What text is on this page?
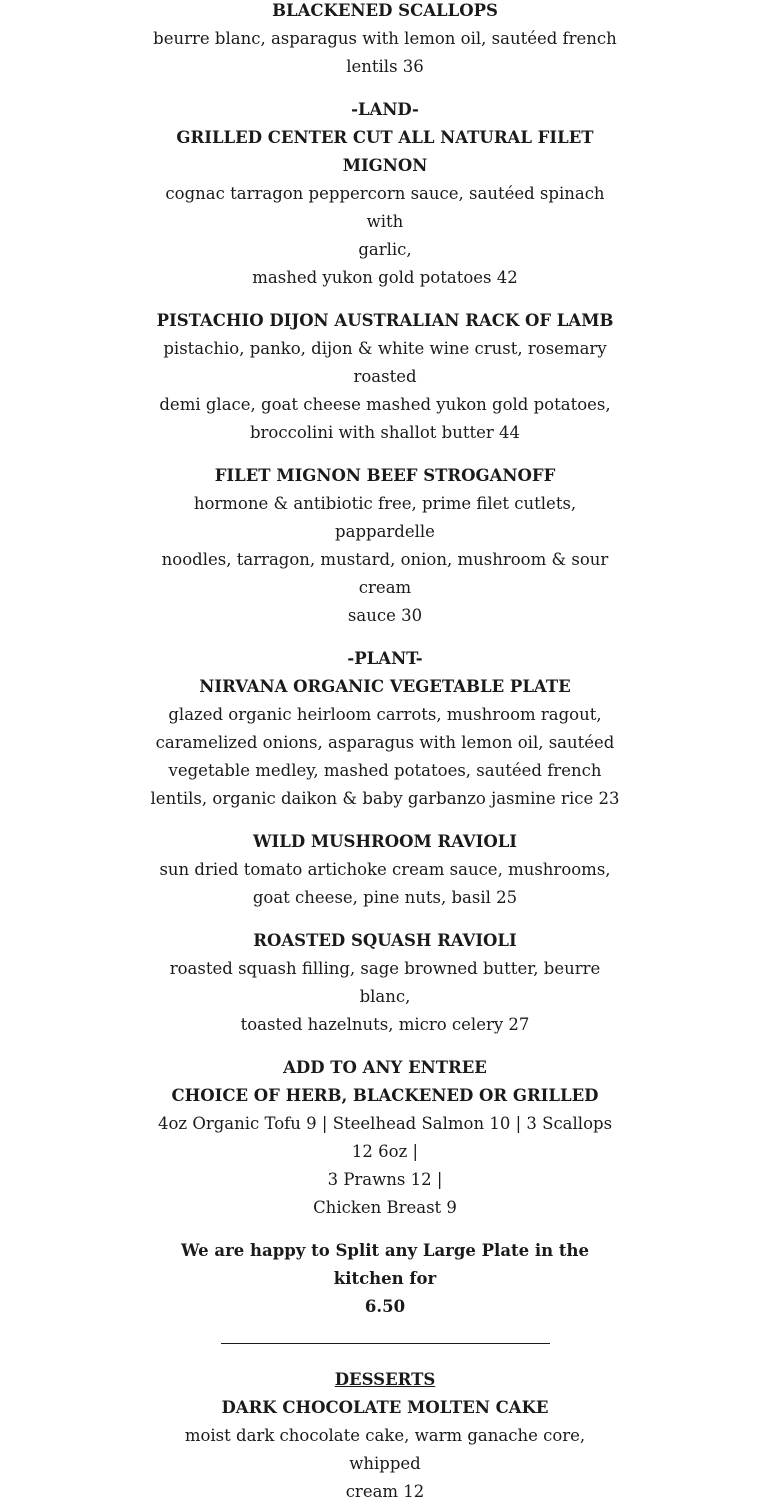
BLACKENED SCALLOPS

beurre blanc, asparagus with lemon oil, sautéed french

lentils 36

-LAND-

GRILLED CENTER CUT ALL NATURAL FILET MIGNON

cognac tarragon peppercorn sauce, sautéed spinach with

garlic,

mashed yukon gold potatoes 42

PISTACHIO DIJON AUSTRALIAN RACK OF LAMB

pistachio, panko, dijon & white wine crust, rosemary roasted

demi glace, goat cheese mashed yukon gold potatoes,

broccolini with shallot butter 44

FILET MIGNON BEEF STROGANOFF

hormone & antibiotic free, prime filet cutlets, pappardelle

noodles, tarragon, mustard, onion, mushroom & sour cream

sauce 30

-PLANT-

NIRVANA ORGANIC VEGETABLE PLATE

glazed organic heirloom carrots, mushroom ragout,

caramelized onions, asparagus with lemon oil, sautéed

vegetable medley, mashed potatoes, sautéed french

lentils, organic daikon & baby garbanzo jasmine rice 23

WILD MUSHROOM RAVIOLI

sun dried tomato artichoke cream sauce, mushrooms,

goat cheese, pine nuts, basil 25

ROASTED SQUASH RAVIOLI

roasted squash filling, sage browned butter, beurre blanc,

toasted hazelnuts, micro celery 27

ADD TO ANY ENTREE

CHOICE OF HERB, BLACKENED OR GRILLED

4oz Organic Tofu 9 | Steelhead Salmon 10 | 3 Scallops 12 6oz |

3 Prawns 12 |

Chicken Breast 9

We are happy to Split any Large Plate in the kitchen for

6.50

DESSERTS

DARK CHOCOLATE MOLTEN CAKE

moist dark chocolate cake, warm ganache core, whipped

cream 12
